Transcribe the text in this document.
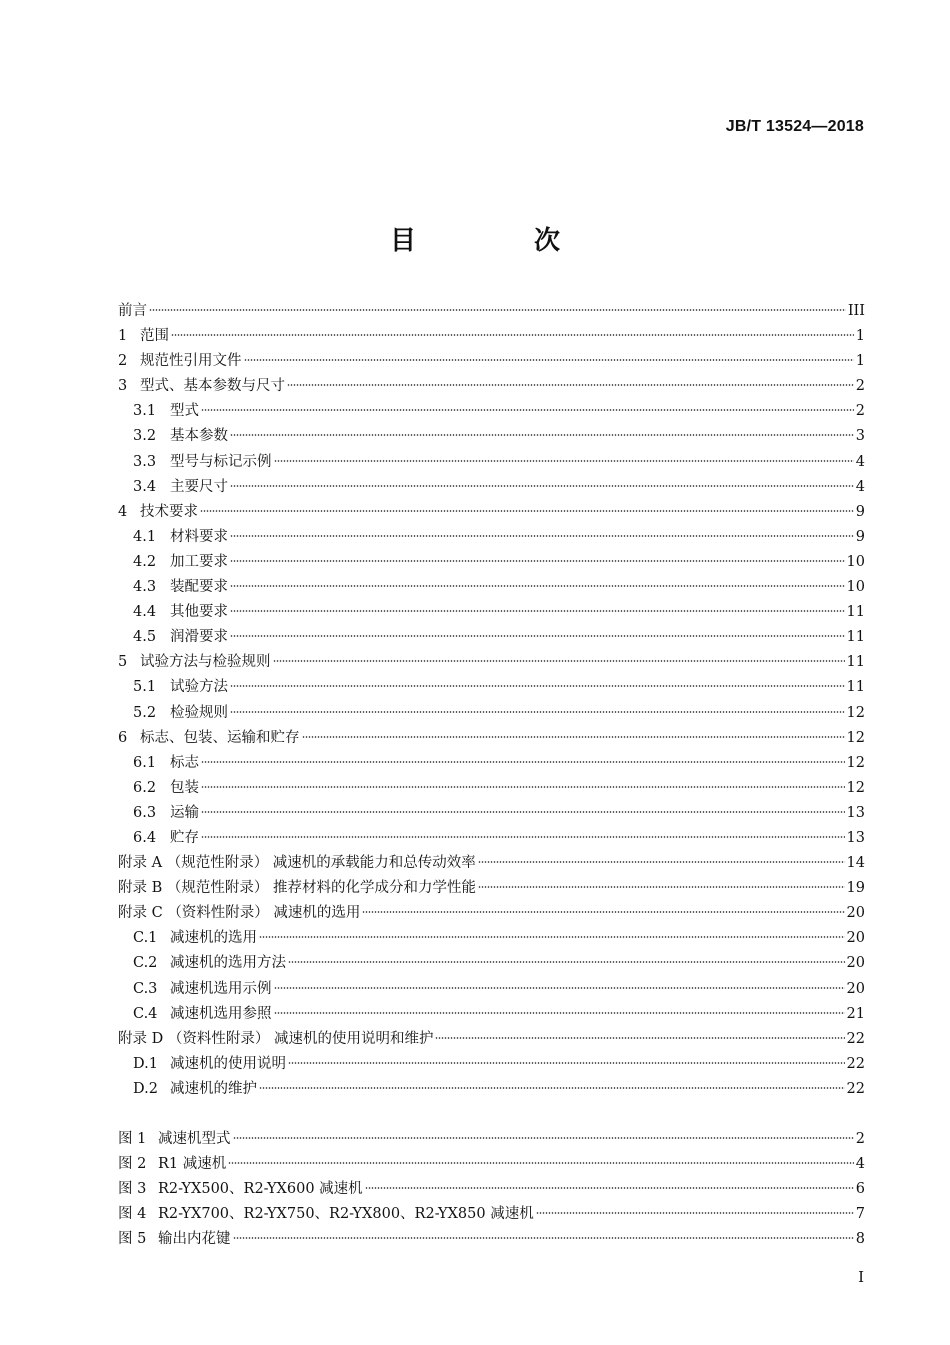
JB/T 13524—2018
目　次
前言	III
1 范围	1
2 规范性引用文件	1
3 型式、基本参数与尺寸	2
3.1 型式	2
3.2 基本参数	3
3.3 型号与标记示例	4
3.4 主要尺寸	4
4 技术要求	9
4.1 材料要求	9
4.2 加工要求	10
4.3 装配要求	10
4.4 其他要求	11
4.5 润滑要求	11
5 试验方法与检验规则	11
5.1 试验方法	11
5.2 检验规则	12
6 标志、包装、运输和贮存	12
6.1 标志	12
6.2 包装	12
6.3 运输	13
6.4 贮存	13
附录 A （规范性附录） 减速机的承载能力和总传动效率	14
附录 B （规范性附录） 推荐材料的化学成分和力学性能	19
附录 C （资料性附录） 减速机的选用	20
C.1 减速机的选用	20
C.2 减速机的选用方法	20
C.3 减速机选用示例	20
C.4 减速机选用参照	21
附录 D （资料性附录） 减速机的使用说明和维护	22
D.1 减速机的使用说明	22
D.2 减速机的维护	22
图 1 减速机型式	2
图 2 R1 减速机	4
图 3 R2-YX500、R2-YX600 减速机	6
图 4 R2-YX700、R2-YX750、R2-YX800、R2-YX850 减速机	7
图 5 输出内花键	8
I
